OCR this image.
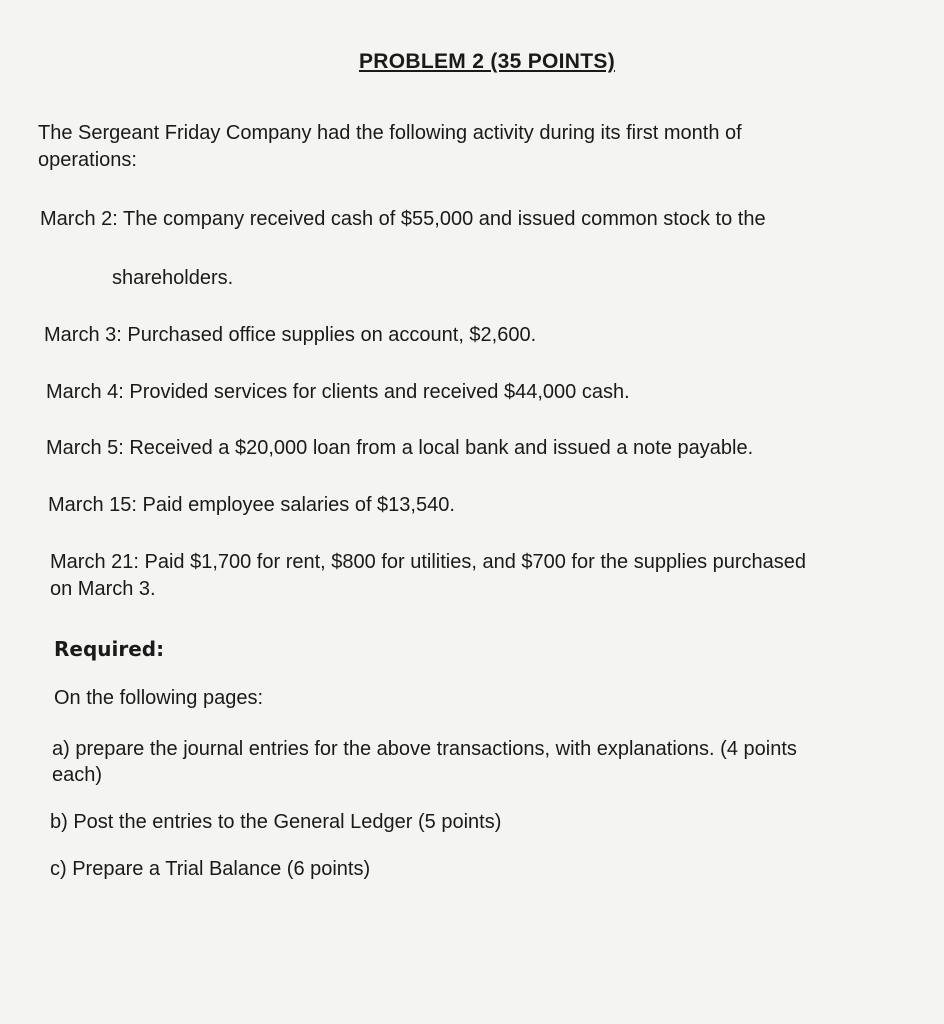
PROBLEM 2 (35 POINTS)
The Sergeant Friday Company had the following activity during its first month of
operations:
March 2: The company received cash of $55,000 and issued common stock to the
shareholders.
March 3: Purchased office supplies on account, $2,600.
March 4: Provided services for clients and received $44,000 cash.
March 5: Received a $20,000 loan from a local bank and issued a note payable.
March 15: Paid employee salaries of $13,540.
March 21: Paid $1,700 for rent, $800 for utilities, and $700 for the supplies purchased
on March 3.
Required:
On the following pages:
a) prepare the journal entries for the above transactions, with explanations. (4 points
each)
b) Post the entries to the General Ledger (5 points)
c) Prepare a Trial Balance (6 points)
